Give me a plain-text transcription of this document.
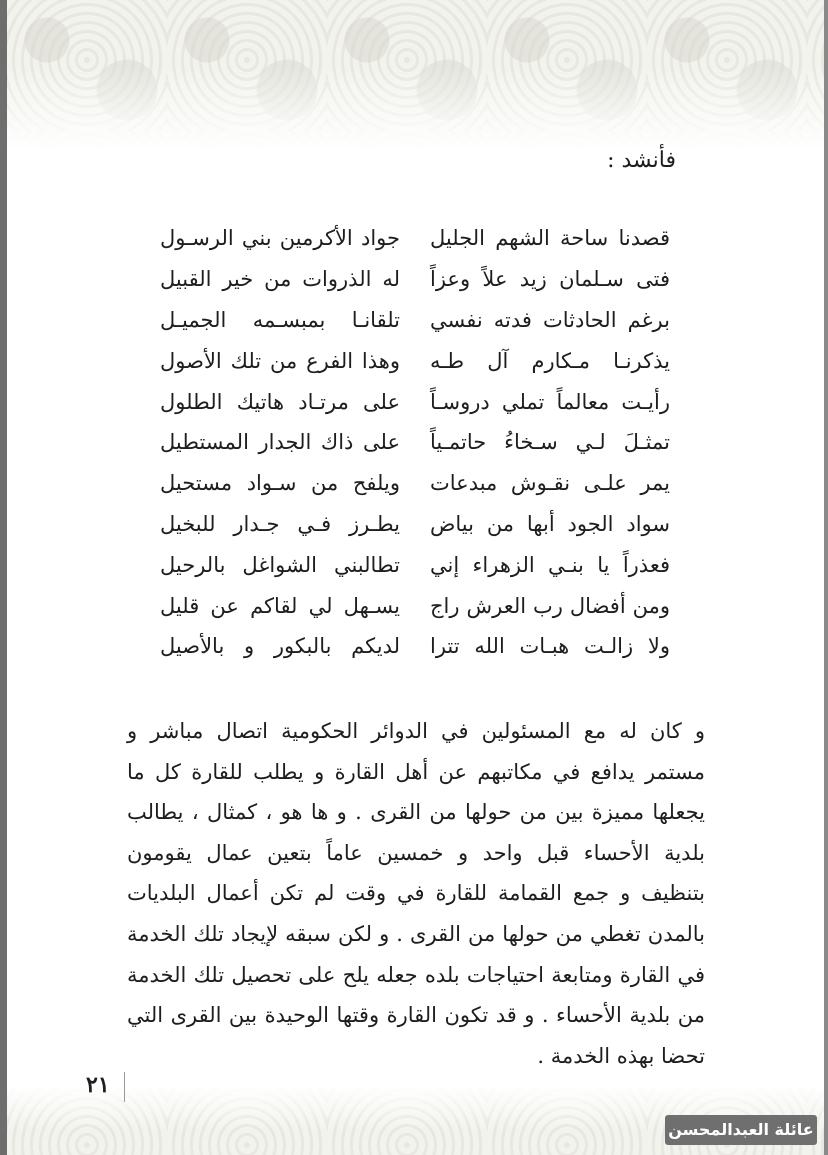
فأنشد :
قصدنا ساحة الشهم الجليل
جواد الأكرمين بني الرسـول
فتى سـلمان زيد علاً وعزاً
له الذروات من خير القبيل
برغم الحادثات فدته نفسي
تلقانـا بمبسـمه الجميـل
يذكرنـا مـكارم آل طـه
وهذا الفرع من تلك الأصول
رأيـت معالماً تملي دروسـاً
على مرتـاد هاتيك الطلول
تمثـلَ لـي سـخاءُ حاتمـياً
على ذاك الجدار المستطيل
يمر علـى نقـوش مبدعات
ويلفح من سـواد مستحيل
سواد الجود أبها من بياض
يطـرز فـي جـدار للبخيل
فعذراً يا بنـي الزهراء إني
تطالبني الشواغل بالرحيل
ومن أفضال رب العرش راج
يسـهل لي لقاكم عن قليل
ولا زالـت هبـات الله تترا
لديكم بالبكور و بالأصيل
و كان له مع المسئولين في الدوائر الحكومية اتصال مباشر و مستمر يدافع في مكاتبهم عن أهل القارة و يطلب للقارة كل ما يجعلها مميزة بين من حولها من القرى . و ها هو ، كمثال ، يطالب بلدية الأحساء قبل واحد و خمسين عاماً بتعين عمال يقومون بتنظيف و جمع القمامة للقارة في وقت لم تكن أعمال البلديات بالمدن تغطي من حولها من القرى . و لكن سبقه لإيجاد تلك الخدمة في القارة ومتابعة احتياجات بلده جعله يلح على تحصيل تلك الخدمة من بلدية الأحساء . و قد تكون القارة وقتها الوحيدة بين القرى التي تحضا بهذه الخدمة .
٢١
عائلة العبدالمحسن
